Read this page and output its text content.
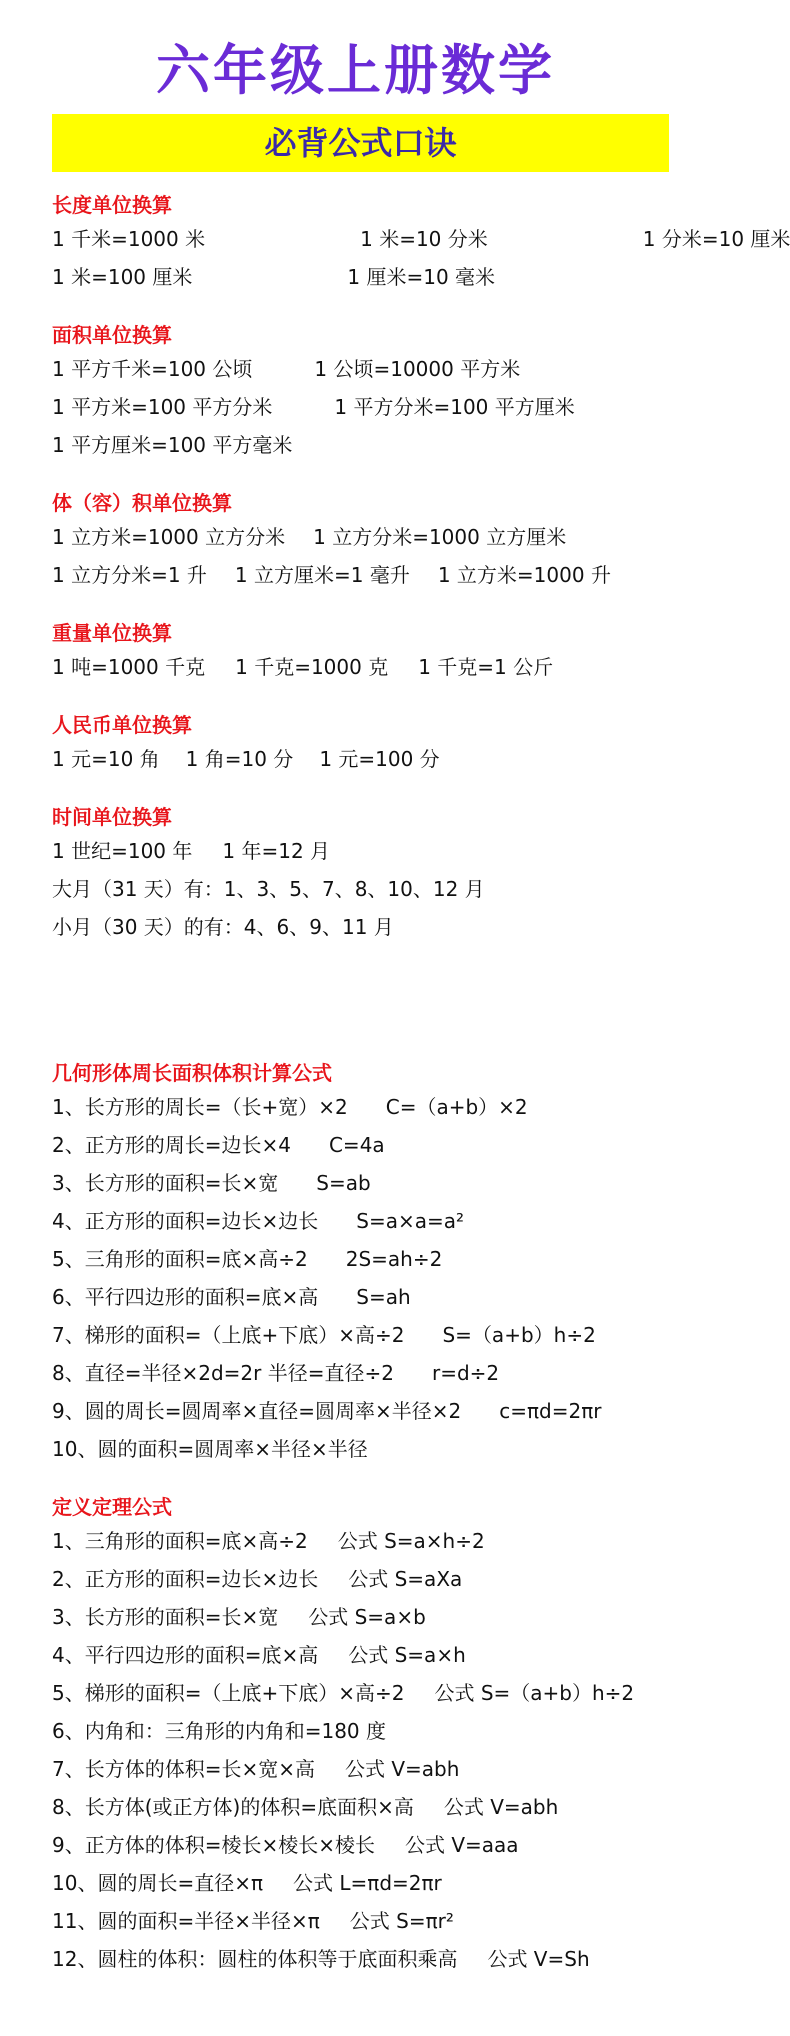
六年级上册数学
必背公式口诀
长度单位换算
1 千米=1000 米	1 米=10 分米	1 分米=10 厘米
1 米=100 厘米	1 厘米=10 毫米
面积单位换算
1 平方千米=100 公顷	1 公顷=10000 平方米
1 平方米=100 平方分米	1 平方分米=100 平方厘米
1 平方厘米=100 平方毫米
体（容）积单位换算
1 立方米=1000 立方分米 1 立方分米=1000 立方厘米
1 立方分米=1 升 1 立方厘米=1 毫升 1 立方米=1000 升
重量单位换算
1 吨=1000 千克 1 千克=1000 克 1 千克=1 公斤
人民币单位换算
1 元=10 角 1 角=10 分 1 元=100 分
时间单位换算
1 世纪=100 年 1 年=12 月
大月（31 天）有：1、3、5、7、8、10、12 月
小月（30 天）的有：4、6、9、11 月
几何形体周长面积体积计算公式
1、长方形的周长=（长+宽）×2 C=（a+b）×2
2、正方形的周长=边长×4 C=4a
3、长方形的面积=长×宽 S=ab
4、正方形的面积=边长×边长 S=a×a=a²
5、三角形的面积=底×高÷2 2S=ah÷2
6、平行四边形的面积=底×高 S=ah
7、梯形的面积=（上底+下底）×高÷2 S=（a+b）h÷2
8、直径=半径×2d=2r 半径=直径÷2 r=d÷2
9、圆的周长=圆周率×直径=圆周率×半径×2 c=πd=2πr
10、圆的面积=圆周率×半径×半径
定义定理公式
1、三角形的面积=底×高÷2 公式 S=a×h÷2
2、正方形的面积=边长×边长 公式 S=aXa
3、长方形的面积=长×宽 公式 S=a×b
4、平行四边形的面积=底×高 公式 S=a×h
5、梯形的面积=（上底+下底）×高÷2 公式 S=（a+b）h÷2
6、内角和：三角形的内角和=180 度
7、长方体的体积=长×宽×高 公式 V=abh
8、长方体(或正方体)的体积=底面积×高 公式 V=abh
9、正方体的体积=棱长×棱长×棱长 公式 V=aaa
10、圆的周长=直径×π 公式 L=πd=2πr
11、圆的面积=半径×半径×π 公式 S=πr²
12、圆柱的体积：圆柱的体积等于底面积乘高 公式 V=Sh
